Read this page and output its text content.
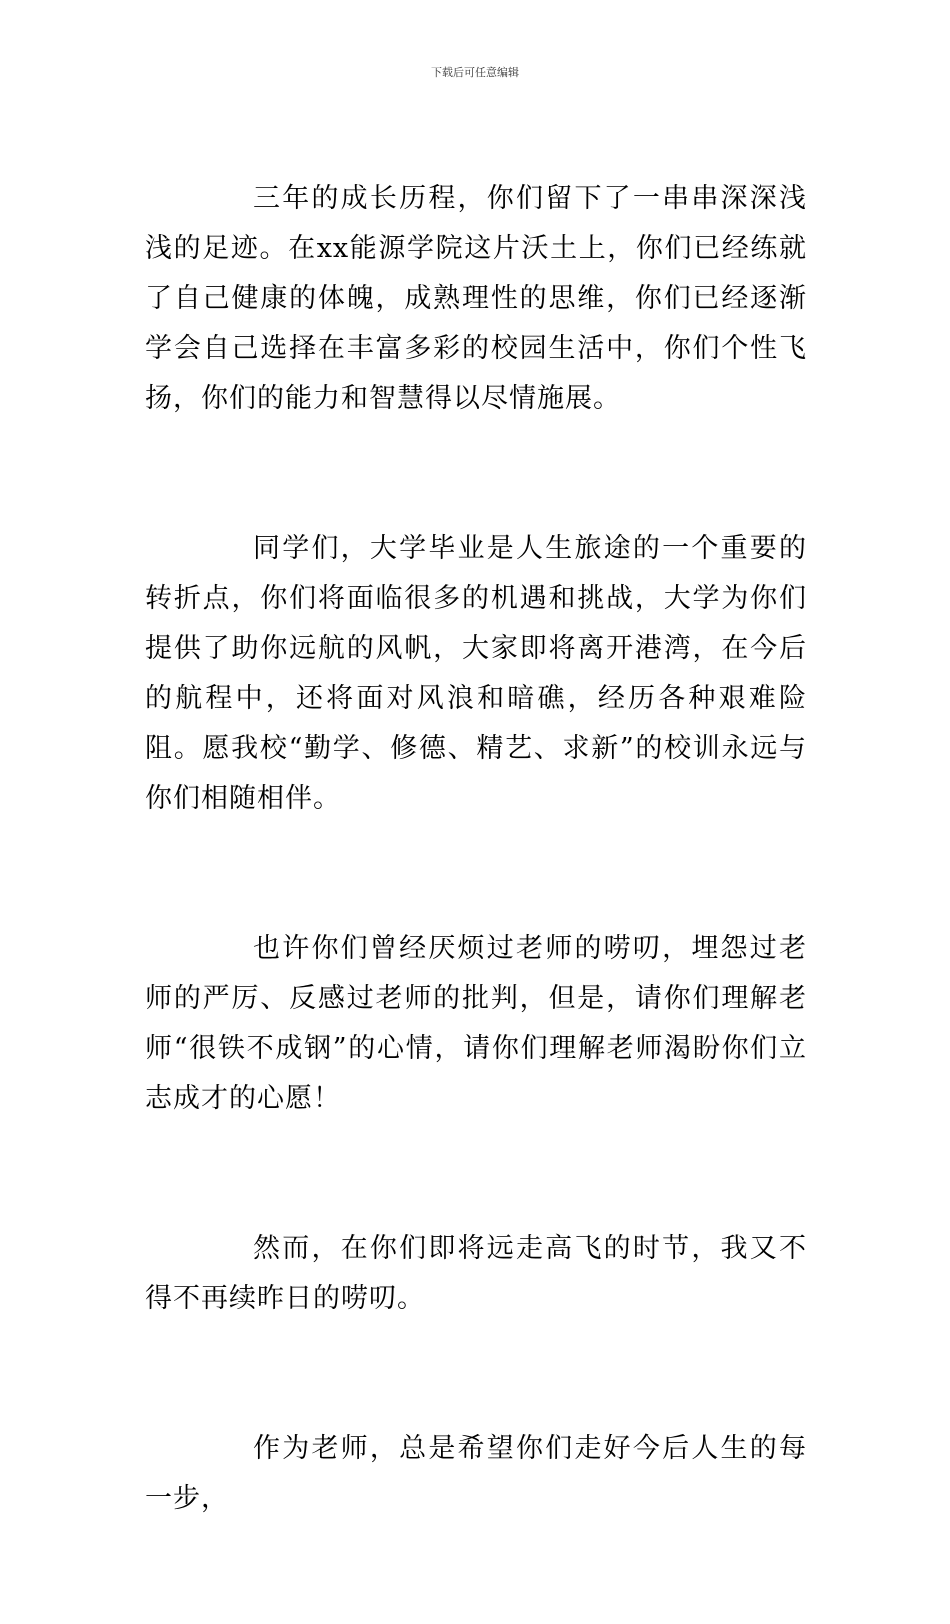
下载后可任意编辑

三年的成长历程，你们留下了一串串深深浅浅的足迹。在xx能源学院这片沃土上，你们已经练就了自己健康的体魄，成熟理性的思维，你们已经逐渐学会自己选择在丰富多彩的校园生活中，你们个性飞扬，你们的能力和智慧得以尽情施展。

同学们，大学毕业是人生旅途的一个重要的转折点，你们将面临很多的机遇和挑战，大学为你们提供了助你远航的风帆，大家即将离开港湾，在今后的航程中，还将面对风浪和暗礁，经历各种艰难险阻。愿我校“勤学、修德、精艺、求新”的校训永远与你们相随相伴。

也许你们曾经厌烦过老师的唠叨，埋怨过老师的严厉、反感过老师的批判，但是，请你们理解老师“很铁不成钢”的心情，请你们理解老师渴盼你们立志成才的心愿！

然而，在你们即将远走高飞的时节，我又不得不再续昨日的唠叨。

作为老师，总是希望你们走好今后人生的每一步，
